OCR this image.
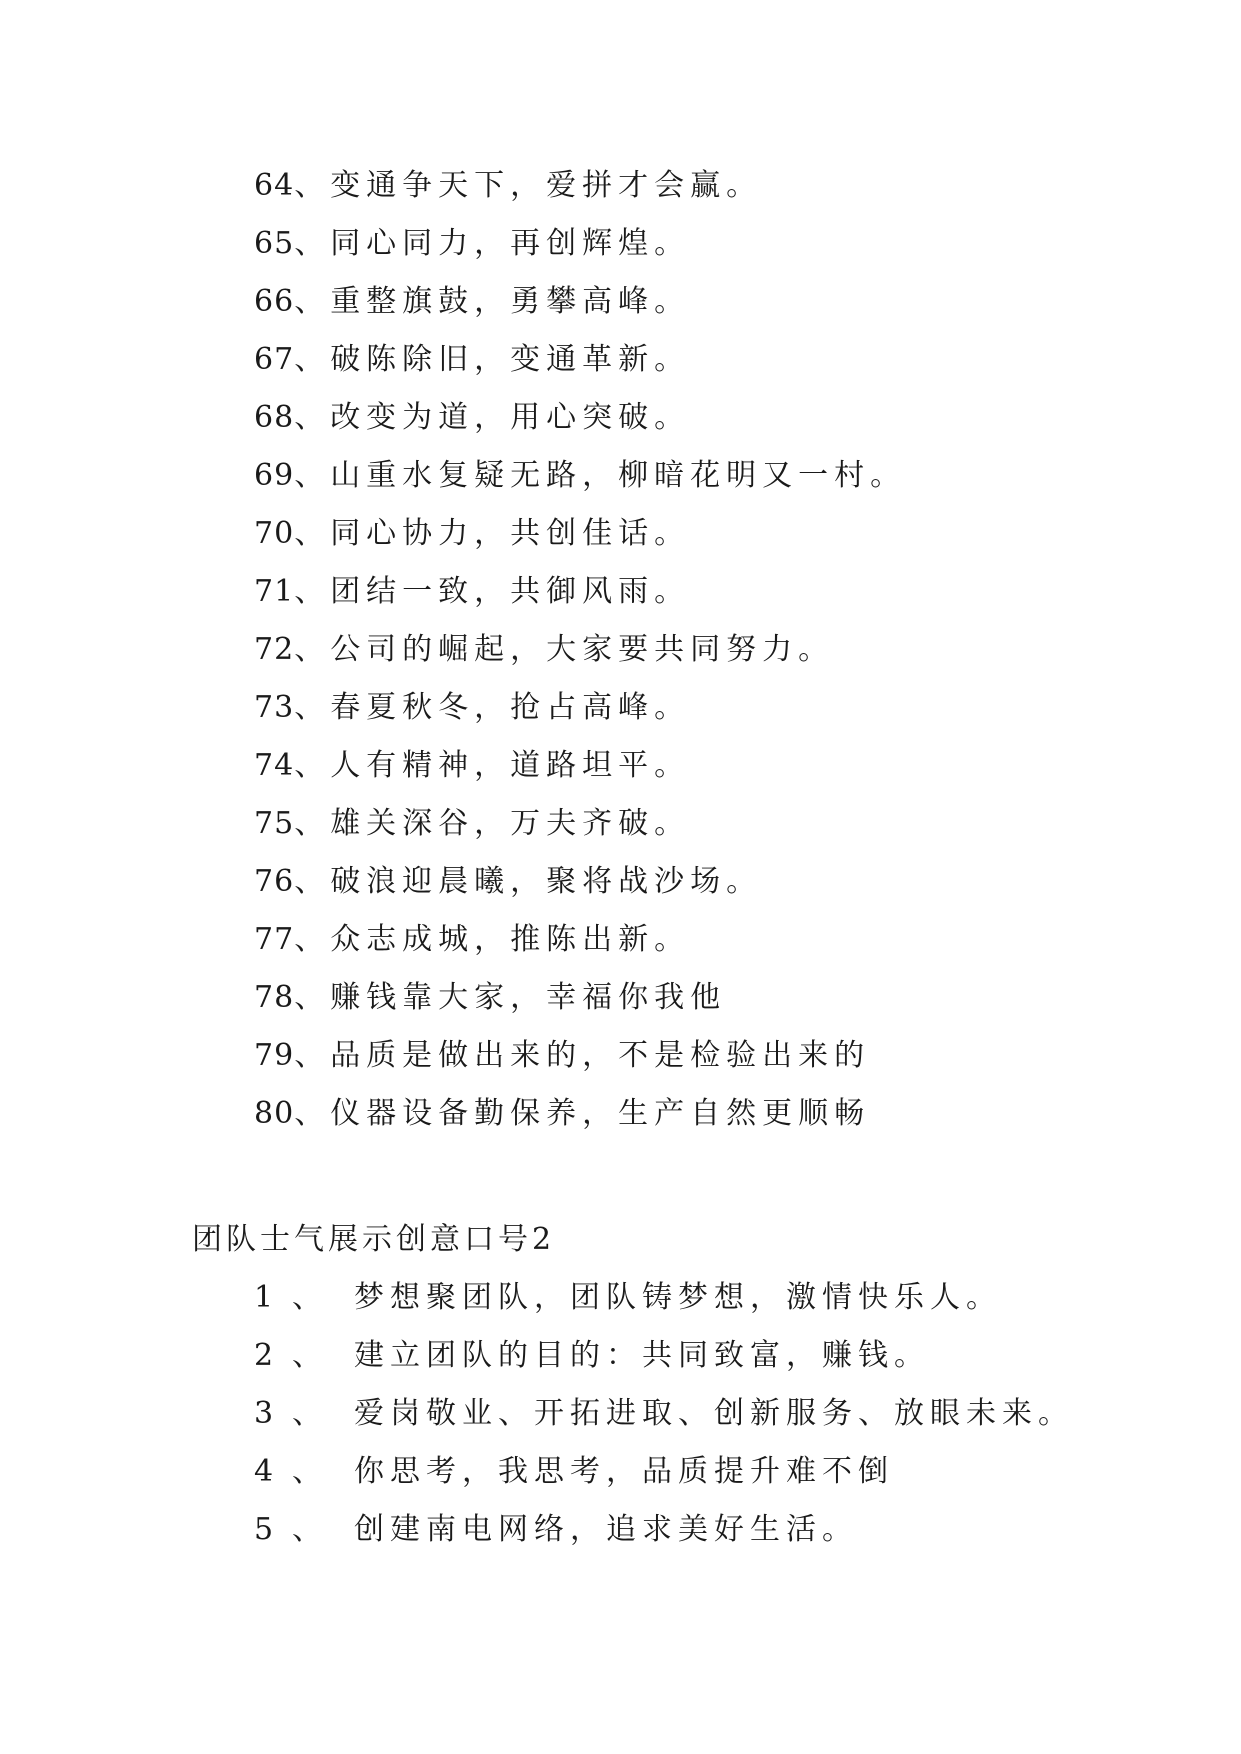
64、变通争天下，爱拼才会赢。
65、同心同力，再创辉煌。
66、重整旗鼓，勇攀高峰。
67、破陈除旧，变通革新。
68、改变为道，用心突破。
69、山重水复疑无路，柳暗花明又一村。
70、同心协力，共创佳话。
71、团结一致，共御风雨。
72、公司的崛起，大家要共同努力。
73、春夏秋冬，抢占高峰。
74、人有精神，道路坦平。
75、雄关深谷，万夫齐破。
76、破浪迎晨曦，聚将战沙场。
77、众志成城，推陈出新。
78、赚钱靠大家，幸福你我他
79、品质是做出来的，不是检验出来的
80、仪器设备勤保养，生产自然更顺畅
团队士气展示创意口号2
1 、 梦想聚团队，团队铸梦想，激情快乐人。
2 、 建立团队的目的：共同致富，赚钱。
3 、 爱岗敬业、开拓进取、创新服务、放眼未来。
4 、 你思考，我思考，品质提升难不倒
5 、 创建南电网络，追求美好生活。
